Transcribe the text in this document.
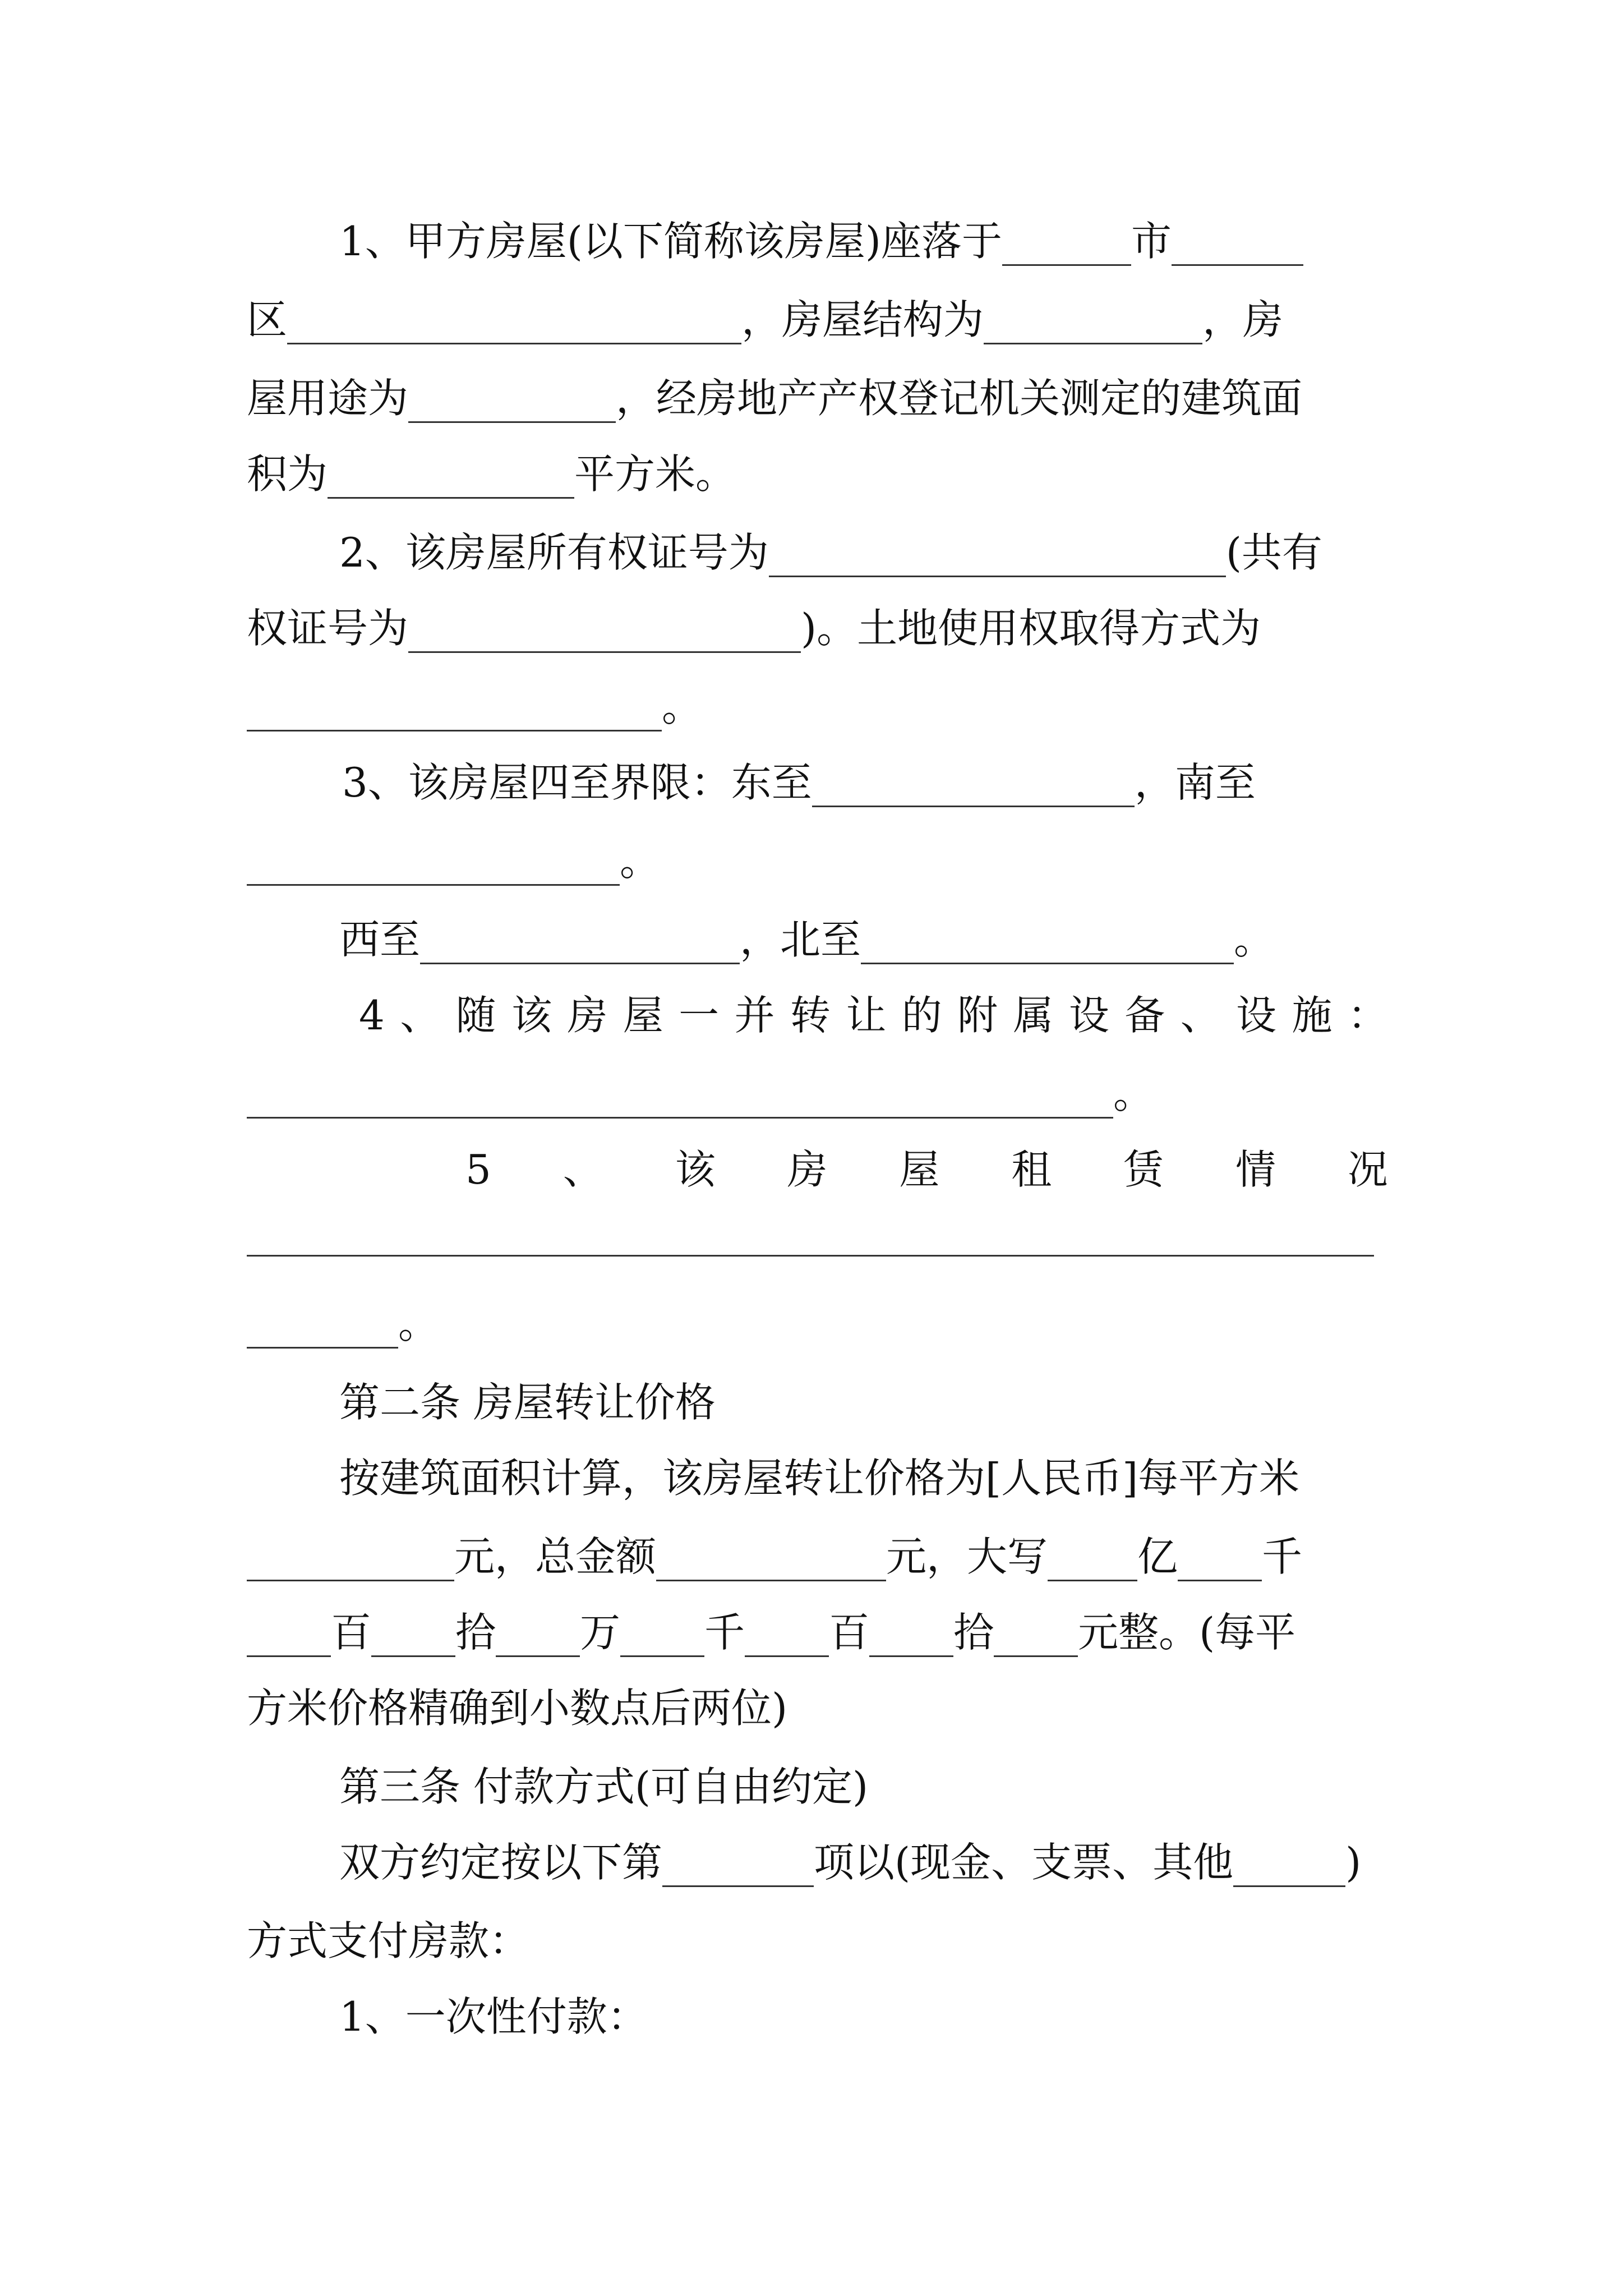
1、甲方房屋(以下简称该房屋)座落于	市
区	，房屋结构为	，房
屋用途为	，经房地产产权登记机关测定的建筑面
积为	平方米。
2、该房屋所有权证号为	(共有
权证号为	)。土地使用权取得方式为
。
3、该房屋四至界限：东至	，南至
。
西至	，北至	。
4 、 随 该 房 屋 一 并 转 让 的 附 属 设 备 、 设 施 ：
。
5 、 该 房 屋 租 赁 情 况
。
第二条 房屋转让价格
按建筑面积计算，该房屋转让价格为[人民币]每平方米
元，总金额	元，大写 亿 千
百 拾 万 千 百 拾 元整。(每平
方米价格精确到小数点后两位)
第三条 付款方式(可自由约定)
双方约定按以下第	项以(现金、支票、其他	)
方式支付房款：
1、一次性付款：
